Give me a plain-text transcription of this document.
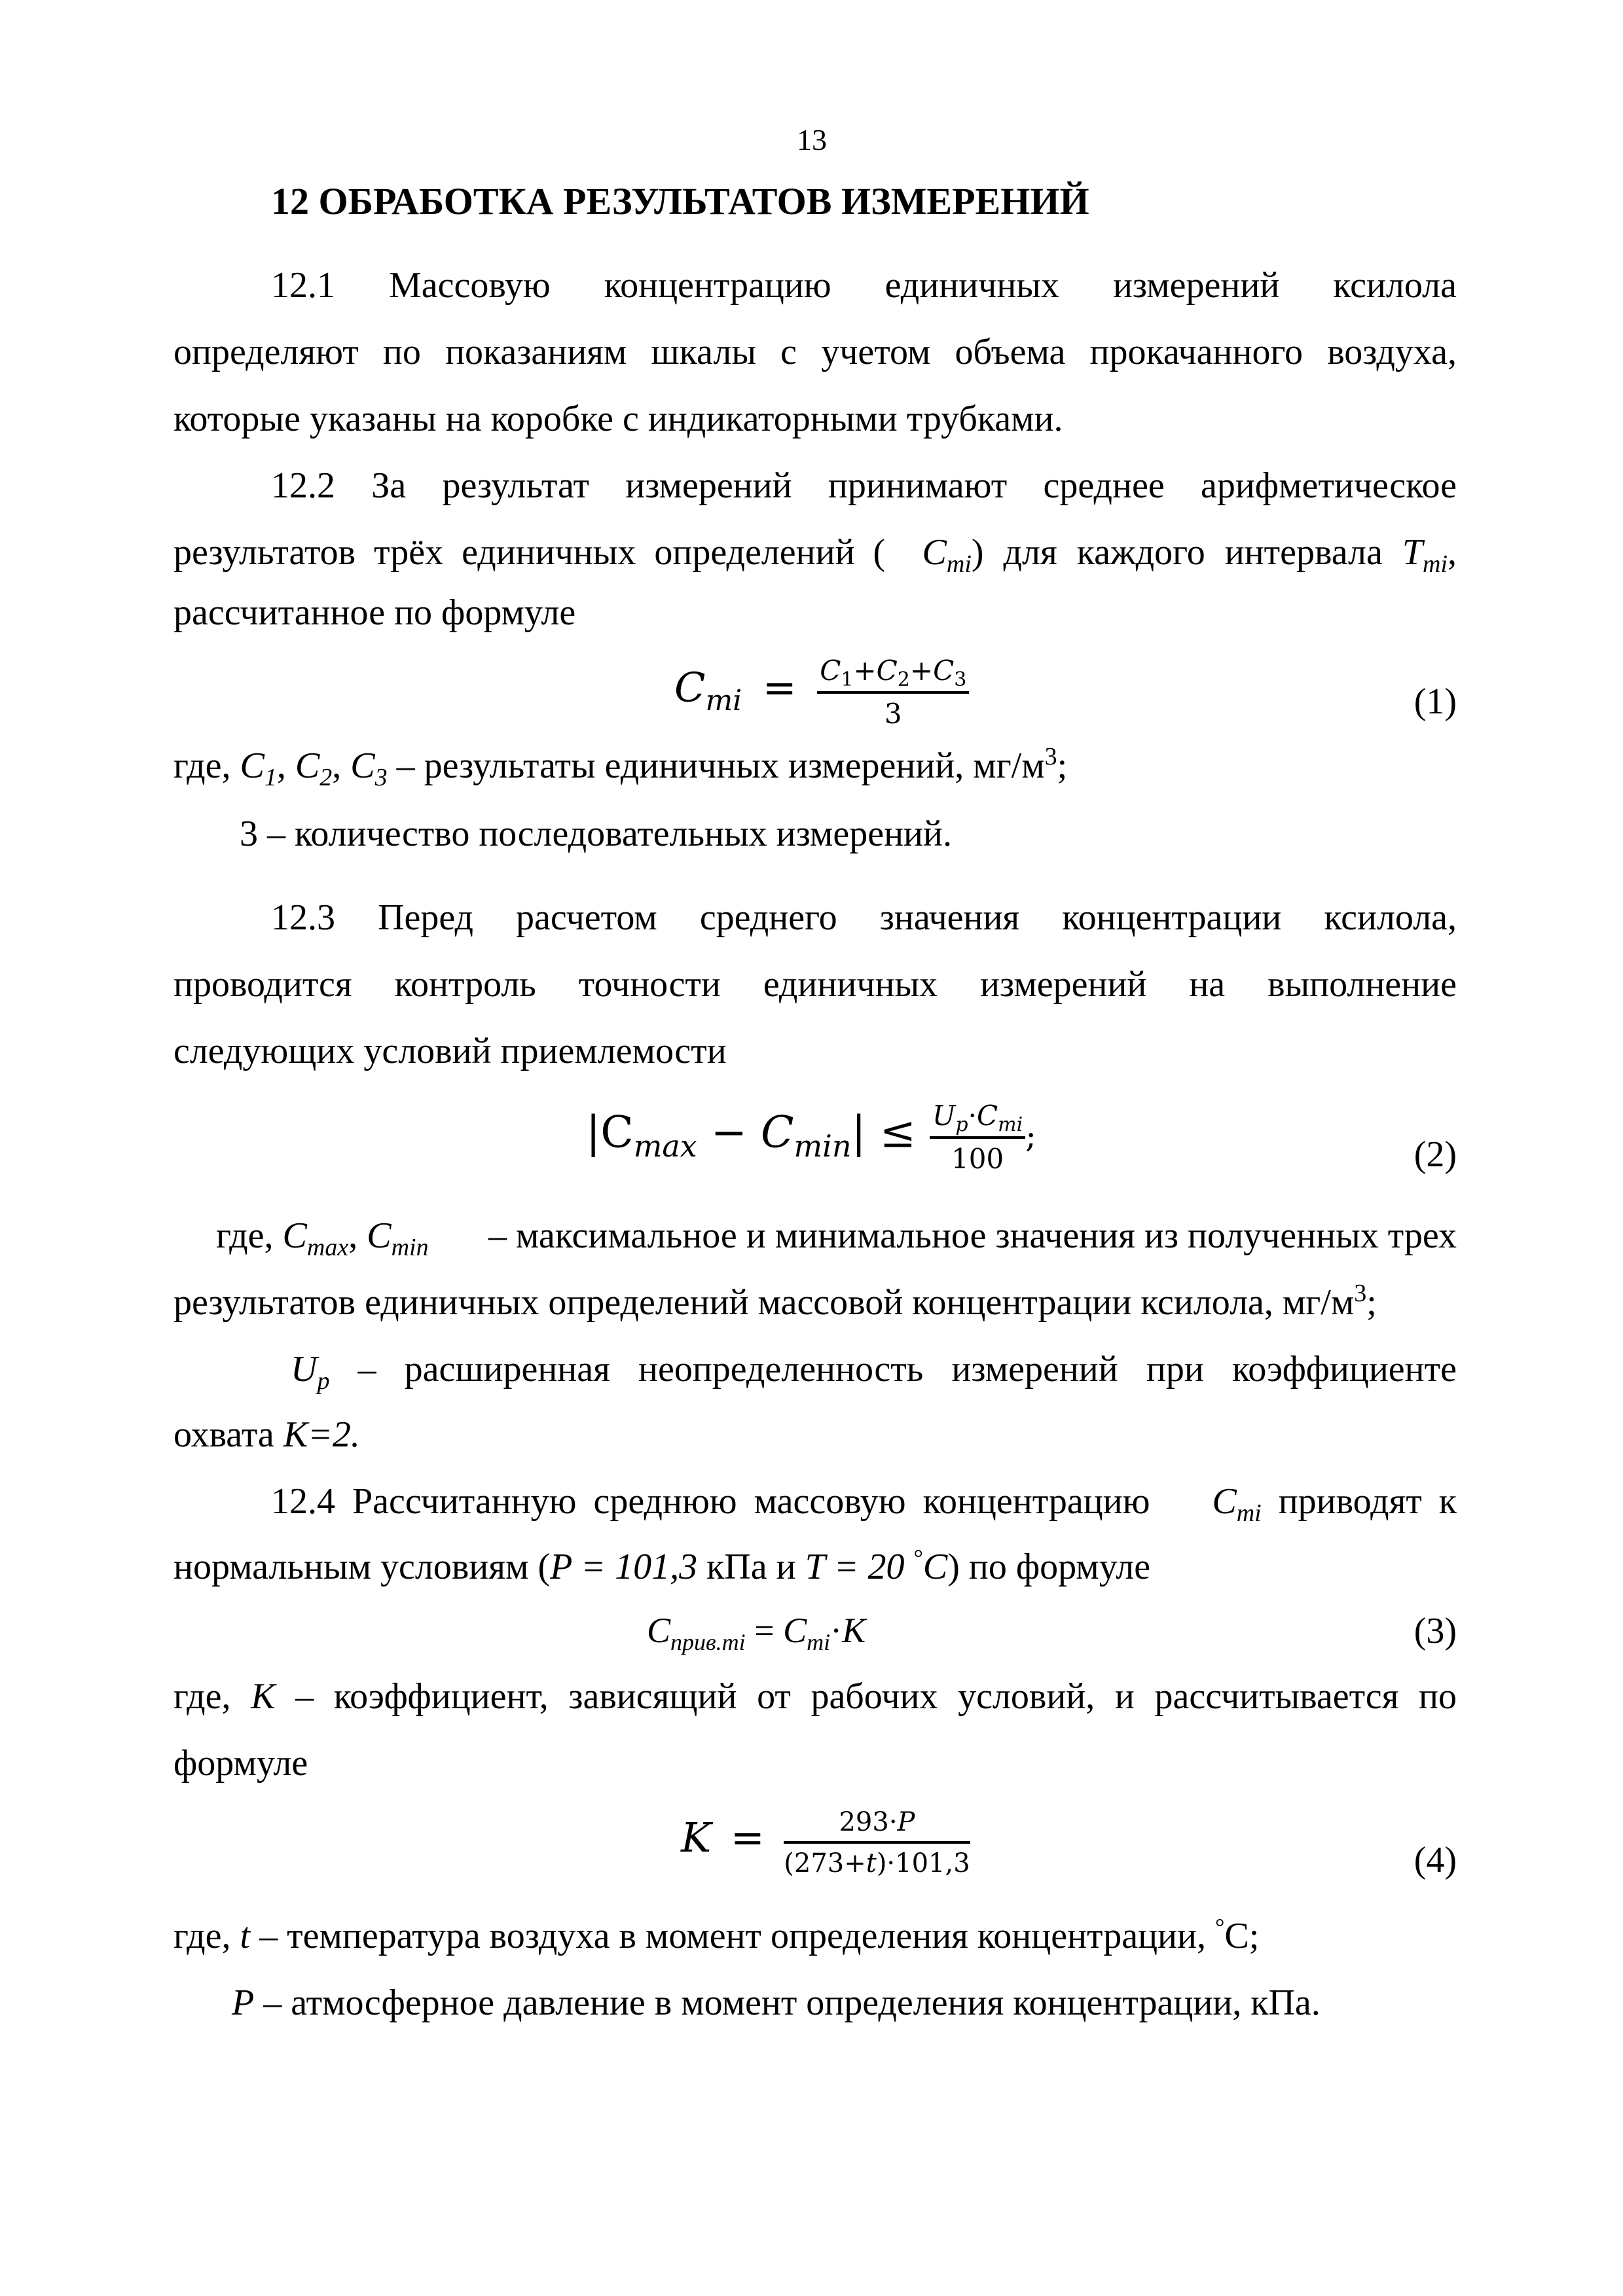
13
12 ОБРАБОТКА РЕЗУЛЬТАТОВ ИЗМЕРЕНИЙ
12.1 Массовую концентрацию единичных измерений ксилола
определяют по показаниям шкалы с учетом объема прокачанного воздуха,
которые указаны на коробке с индикаторными трубками.
12.2 За результат измерений принимают среднее арифметическое
результатов трёх единичных определений ( $C_{mi}$) для каждого интервала $T_{mi}$,
рассчитанное по формуле
$C_{mi} = \frac{C_1+C_2+C_3}{3}$	(1)
где, $C_1$, $C_2$, $C_3$ – результаты единичных измерений, $мг/м^3$;
3 – количество последовательных измерений.
12.3 Перед расчетом среднего значения концентрации ксилола,
проводится контроль точности единичных измерений на выполнение
следующих условий приемлемости
$|C_{max} - C_{min}| \le \frac{U_p\cdot C_{mi}}{100}$ ;	(2)
где, $C_{max}$, $C_{min}$ – максимальное и минимальное значения из полученных трех
результатов единичных определений массовой концентрации ксилола, $мг/м^3$;
$U_p$ – расширенная неопределенность измерений при коэффициенте
охвата K=2.
12.4 Рассчитанную среднюю массовую концентрацию $C_{mi}$ приводят к
нормальным условиям (P = 101,3 кПа и T = 20 °C) по формуле
$C_{прив.mi} = C_{mi}\cdot K$	(3)
где, K – коэффициент, зависящий от рабочих условий, и рассчитывается по
формуле
$K = \frac{293\cdot P}{(273+t)\cdot 101,3}$	(4)
где, t – температура воздуха в момент определения концентрации, °С;
P – атмосферное давление в момент определения концентрации, кПа.
